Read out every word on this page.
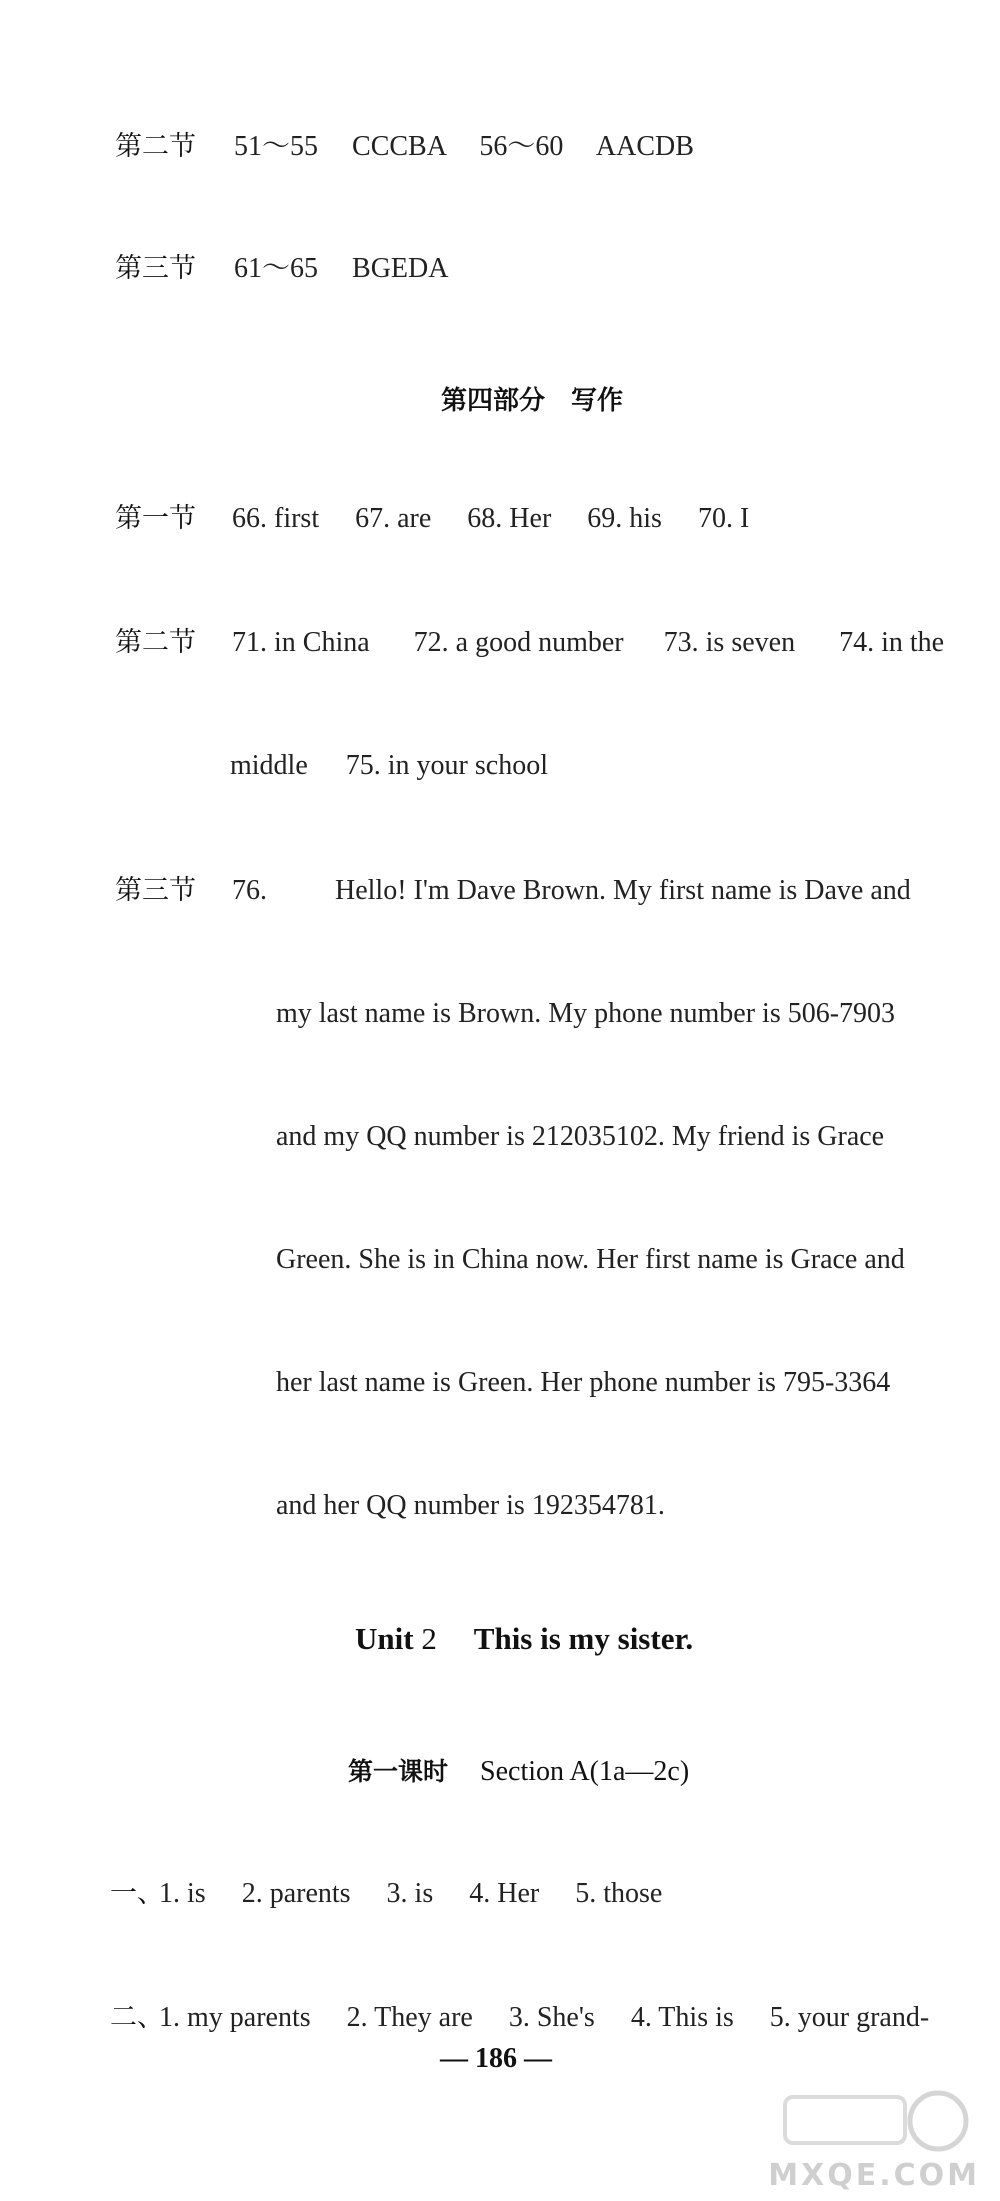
第二节 51～55 CCCBA 56～60 AACDB
第三节 61～65 BGEDA
第四部分　写作
第一节 66. first 67. are 68. Her 69. his 70. I
第二节 71. in China 72. a good number 73. is seven 74. in the
middle 75. in your school
第三节 76. Hello! I'm Dave Brown. My first name is Dave and
my last name is Brown. My phone number is 506-7903
and my QQ number is 212035102. My friend is Grace
Green. She is in China now. Her first name is Grace and
her last name is Green. Her phone number is 795-3364
and her QQ number is 192354781.
Unit 2 This is my sister.
第一课时 Section A(1a—2c)
一、 1. is 2. parents 3. is 4. Her 5. those
二、 1. my parents 2. They are 3. She's 4. This is 5. your grand-
— 186 —
MXQE.COM
